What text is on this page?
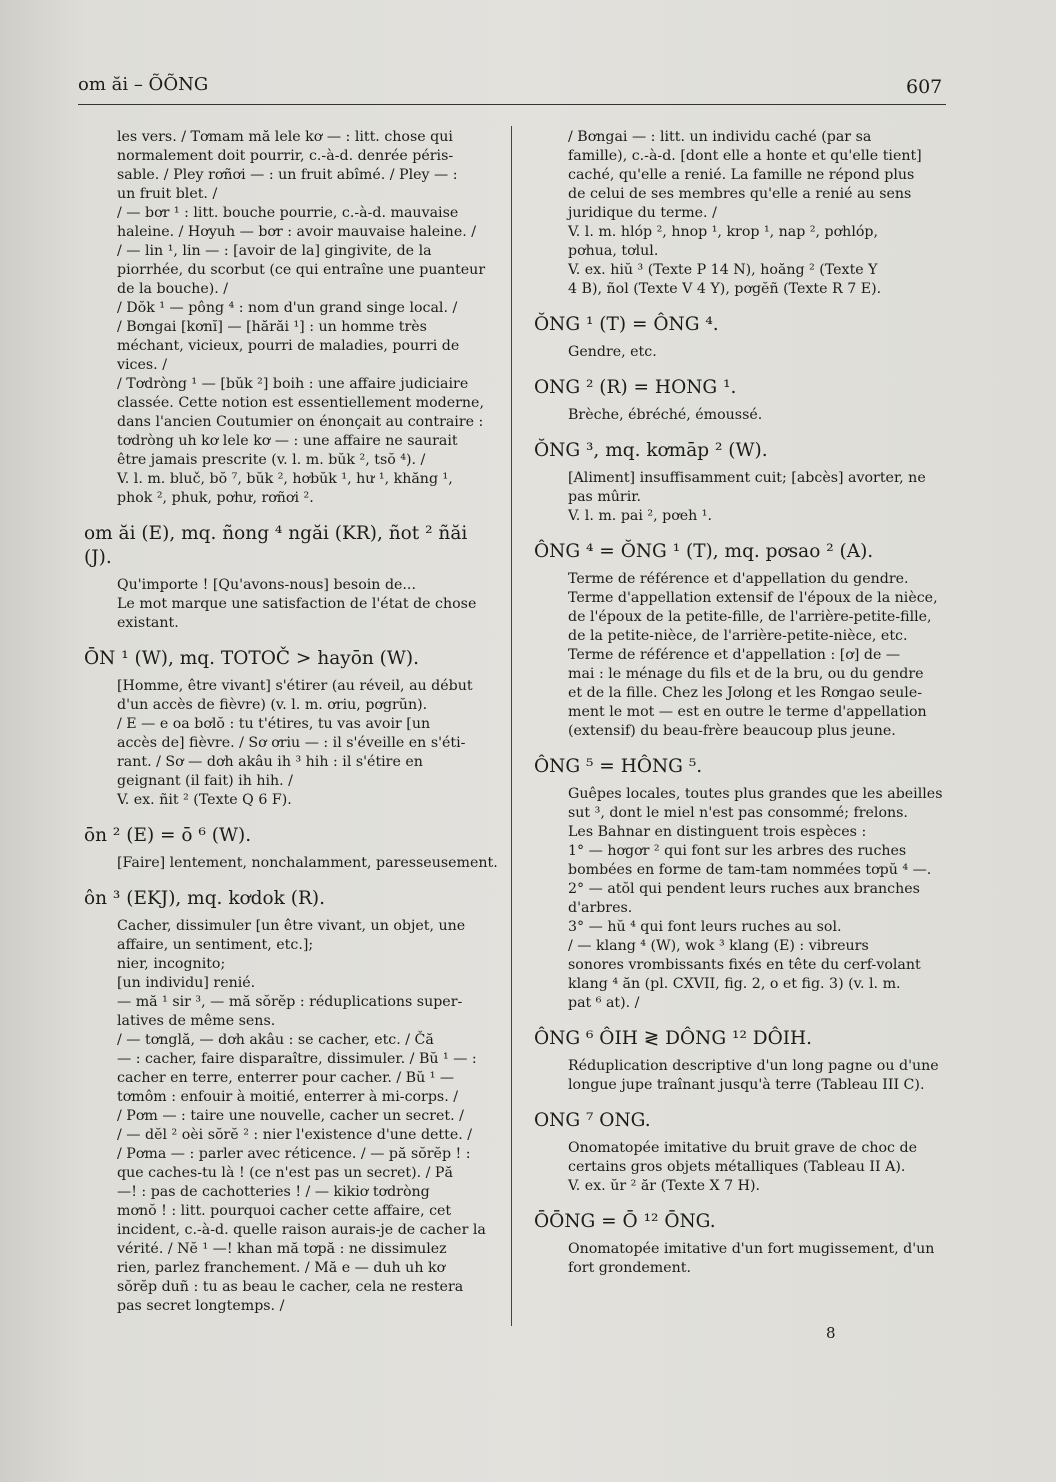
om ăi – ÕÕNG	607

les vers. / Tơmam mă lele kơ — : litt. chose qui

normalement doit pourrir, c.-à-d. denrée péris-

sable. / Pley rơñơi — : un fruit abîmé. / Pley — :

un fruit blet. /

/ — bơr ¹ : litt. bouche pourrie, c.-à-d. mauvaise

haleine. / Hơyuh — bơr : avoir mauvaise haleine. /

/ — lin ¹, lin — : [avoir de la] gingivite, de la

piorrhée, du scorbut (ce qui entraîne une puanteur

de la bouche). /

/ Dŏk ¹ — pông ⁴ : nom d'un grand singe local. /

/ Bơngai [kơnĭ] — [hărăi ¹] : un homme très

méchant, vicieux, pourri de maladies, pourri de

vices. /

/ Tơdròng ¹ — [bŭk ²] boih : une affaire judiciaire

classée. Cette notion est essentiellement moderne,

dans l'ancien Coutumier on énonçait au contraire :

tơdròng uh kơ lele kơ — : une affaire ne saurait

être jamais prescrite (v. l. m. bŭk ², tsŏ ⁴). /

V. l. m. bluč, bŏ ⁷, bŭk ², hơbŭk ¹, hư ¹, khăng ¹,

phok ², phuk, pơhư, rơñơi ².

om ăi (E), mq. ñong ⁴ ngăi (KR), ñot ² ñăi (J).

Qu'importe ! [Qu'avons-nous] besoin de...

Le mot marque une satisfaction de l'état de chose

existant.

ŌN ¹ (W), mq. TOTOČ > hayōn (W).

[Homme, être vivant] s'étirer (au réveil, au début

d'un accès de fièvre) (v. l. m. ơriu, pơgrŭn).

/ E — e oa bơlŏ : tu t'étires, tu vas avoir [un

accès de] fièvre. / Sơ ơriu — : il s'éveille en s'éti-

rant. / Sơ — dơh akâu ih ³ hih : il s'étire en

geignant (il fait) ih hih. /

V. ex. ñit ² (Texte Q 6 F).

ōn ² (E) = ō ⁶ (W).

[Faire] lentement, nonchalamment, paresseusement.

ôn ³ (EKJ), mq. kơdok (R).

Cacher, dissimuler [un être vivant, un objet, une

affaire, un sentiment, etc.];

nier, incognito;

[un individu] renié.

— mă ¹ sir ³, — mă sŏrĕp : réduplications super-

latives de même sens.

/ — tơnglă, — dơh akâu : se cacher, etc. / Čă

— : cacher, faire disparaître, dissimuler. / Bŭ ¹ — :

cacher en terre, enterrer pour cacher. / Bŭ ¹ —

tơmôm : enfouir à moitié, enterrer à mi-corps. /

/ Pơm — : taire une nouvelle, cacher un secret. /

/ — dĕl ² oèi sŏrĕ ² : nier l'existence d'une dette. /

/ Pơma — : parler avec réticence. / — pă sŏrĕp ! :

que caches-tu là ! (ce n'est pas un secret). / Pă

—! : pas de cachotteries ! / — kikiơ tơdròng

mơnŏ ! : litt. pourquoi cacher cette affaire, cet

incident, c.-à-d. quelle raison aurais-je de cacher la

vérité. / Nĕ ¹ —! khan mă tơpă : ne dissimulez

rien, parlez franchement. / Mă e — duh uh kơ

sŏrĕp duñ : tu as beau le cacher, cela ne restera

pas secret longtemps. /

/ Bơngai — : litt. un individu caché (par sa

famille), c.-à-d. [dont elle a honte et qu'elle tient]

caché, qu'elle a renié. La famille ne répond plus

de celui de ses membres qu'elle a renié au sens

juridique du terme. /

V. l. m. hlóp ², hnop ¹, krop ¹, nap ², pơhlóp,

pơhua, tơlul.

V. ex. hiŭ ³ (Texte P 14 N), hoăng ² (Texte Y

4 B), ñol (Texte V 4 Y), pơgĕñ (Texte R 7 E).

ŎNG ¹ (T) = ÔNG ⁴.

Gendre, etc.

ONG ² (R) = HONG ¹.

Brèche, ébréché, émoussé.

ŎNG ³, mq. kơmāp ² (W).

[Aliment] insuffisamment cuit; [abcès] avorter, ne

pas mûrir.

V. l. m. pai ², pơeh ¹.

ÔNG ⁴ = ŎNG ¹ (T), mq. pơsao ² (A).

Terme de référence et d'appellation du gendre.

Terme d'appellation extensif de l'époux de la nièce,

de l'époux de la petite-fille, de l'arrière-petite-fille,

de la petite-nièce, de l'arrière-petite-nièce, etc.

Terme de référence et d'appellation : [ơ] de —

mai : le ménage du fils et de la bru, ou du gendre

et de la fille. Chez les Jơlong et les Rơngao seule-

ment le mot — est en outre le terme d'appellation

(extensif) du beau-frère beaucoup plus jeune.

ÔNG ⁵ = HÔNG ⁵.

Guêpes locales, toutes plus grandes que les abeilles

sut ³, dont le miel n'est pas consommé; frelons.

Les Bahnar en distinguent trois espèces :

1° — hơgơr ² qui font sur les arbres des ruches

bombées en forme de tam-tam nommées tơpŭ ⁴ —.

2° — atŏl qui pendent leurs ruches aux branches

d'arbres.

3° — hŭ ⁴ qui font leurs ruches au sol.

/ — klang ⁴ (W), wok ³ klang (E) : vibreurs

sonores vrombissants fixés en tête du cerf-volant

klang ⁴ ăn (pl. CXVII, fig. 2, o et fig. 3) (v. l. m.

pat ⁶ at). /

ÔNG ⁶ ÔIH ≷ DÔNG ¹² DÔIH.

Réduplication descriptive d'un long pagne ou d'une

longue jupe traînant jusqu'à terre (Tableau III C).

ONG ⁷ ONG.

Onomatopée imitative du bruit grave de choc de

certains gros objets métalliques (Tableau II A).

V. ex. ŭr ² ăr (Texte X 7 H).

ŌŌNG = Ō ¹² ŌNG.

Onomatopée imitative d'un fort mugissement, d'un

fort grondement.

8
